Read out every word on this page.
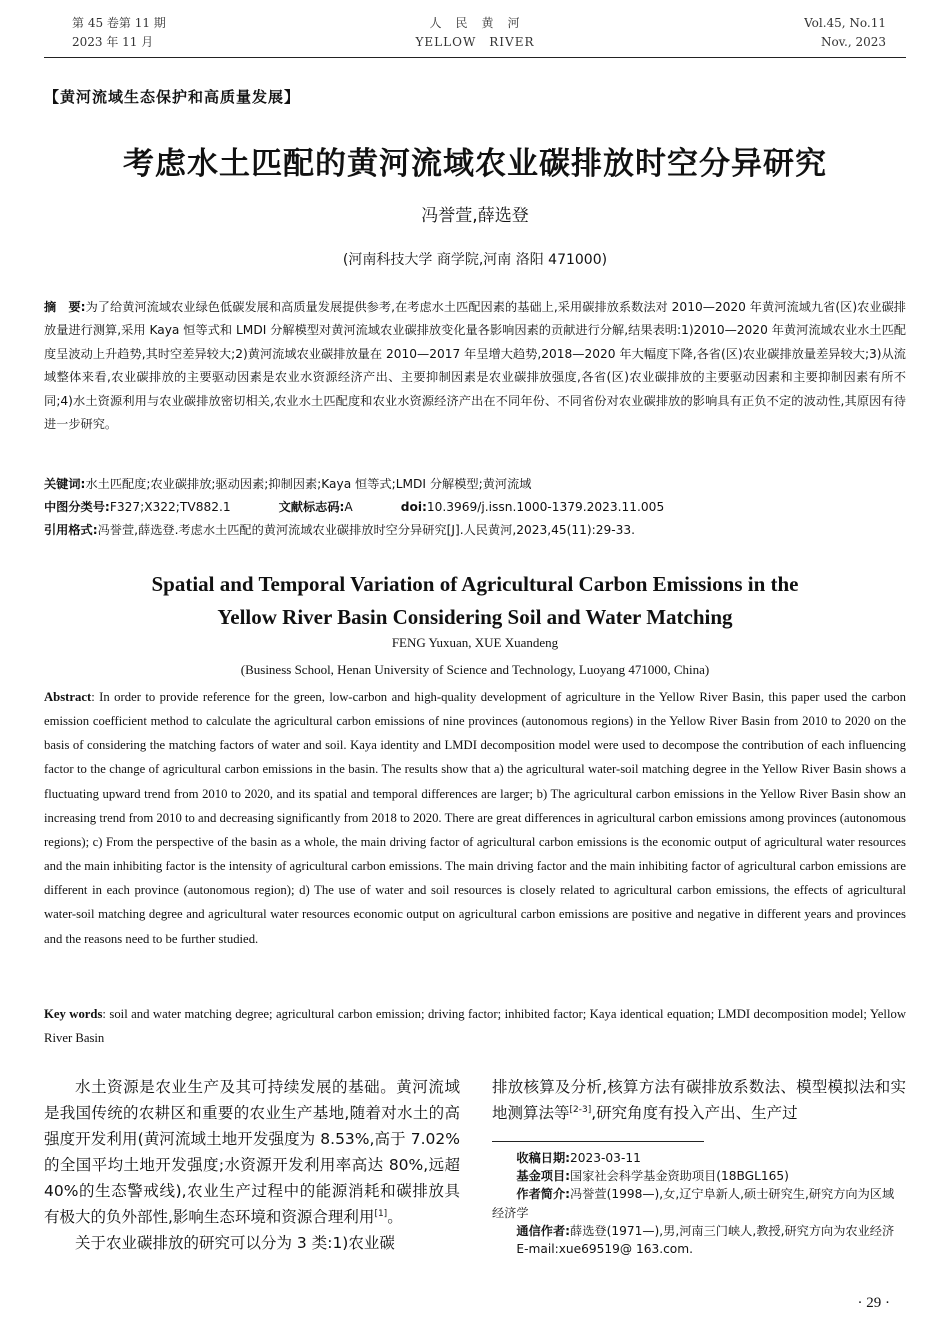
第 45 卷第 11 期
2023 年 11 月
人　民　黄　河
YELLOW　RIVER
Vol.45, No.11
Nov., 2023
【黄河流域生态保护和高质量发展】
考虑水土匹配的黄河流域农业碳排放时空分异研究
冯誉萱,薛选登
(河南科技大学 商学院,河南 洛阳 471000)
摘　要:为了给黄河流域农业绿色低碳发展和高质量发展提供参考,在考虑水土匹配因素的基础上,采用碳排放系数法对 2010—2020 年黄河流域九省(区)农业碳排放量进行测算,采用 Kaya 恒等式和 LMDI 分解模型对黄河流域农业碳排放变化量各影响因素的贡献进行分解,结果表明:1)2010—2020 年黄河流域农业水土匹配度呈波动上升趋势,其时空差异较大;2)黄河流域农业碳排放量在 2010—2017 年呈增大趋势,2018—2020 年大幅度下降,各省(区)农业碳排放量差异较大;3)从流域整体来看,农业碳排放的主要驱动因素是农业水资源经济产出、主要抑制因素是农业碳排放强度,各省(区)农业碳排放的主要驱动因素和主要抑制因素有所不同;4)水土资源利用与农业碳排放密切相关,农业水土匹配度和农业水资源经济产出在不同年份、不同省份对农业碳排放的影响具有正负不定的波动性,其原因有待进一步研究。
关键词:水土匹配度;农业碳排放;驱动因素;抑制因素;Kaya 恒等式;LMDI 分解模型;黄河流域
中图分类号:F327;X322;TV882.1	文献标志码:A	doi:10.3969/j.issn.1000-1379.2023.11.005
引用格式:冯誉萱,薛选登.考虑水土匹配的黄河流域农业碳排放时空分异研究[J].人民黄河,2023,45(11):29-33.
Spatial and Temporal Variation of Agricultural Carbon Emissions in the
Yellow River Basin Considering Soil and Water Matching
FENG Yuxuan, XUE Xuandeng
(Business School, Henan University of Science and Technology, Luoyang 471000, China)
Abstract: In order to provide reference for the green, low-carbon and high-quality development of agriculture in the Yellow River Basin, this paper used the carbon emission coefficient method to calculate the agricultural carbon emissions of nine provinces (autonomous regions) in the Yellow River Basin from 2010 to 2020 on the basis of considering the matching factors of water and soil. Kaya identity and LMDI decomposition model were used to decompose the contribution of each influencing factor to the change of agricultural carbon emissions in the basin. The results show that a) the agricultural water-soil matching degree in the Yellow River Basin shows a fluctuating upward trend from 2010 to 2020, and its spatial and temporal differences are larger; b) The agricultural carbon emissions in the Yellow River Basin show an increasing trend from 2010 to and decreasing significantly from 2018 to 2020. There are great differences in agricultural carbon emissions among provinces (autonomous regions); c) From the perspective of the basin as a whole, the main driving factor of agricultural carbon emissions is the economic output of agricultural water resources and the main inhibiting factor is the intensity of agricultural carbon emissions. The main driving factor and the main inhibiting factor of agricultural carbon emissions are different in each province (autonomous region); d) The use of water and soil resources is closely related to agricultural carbon emissions, the effects of agricultural water-soil matching degree and agricultural water resources economic output on agricultural carbon emissions are positive and negative in different years and provinces and the reasons need to be further studied.
Key words: soil and water matching degree; agricultural carbon emission; driving factor; inhibited factor; Kaya identical equation; LMDI decomposition model; Yellow River Basin

水土资源是农业生产及其可持续发展的基础。黄河流域是我国传统的农耕区和重要的农业生产基地,随着对水土的高强度开发利用(黄河流域土地开发强度为 8.53%,高于 7.02%的全国平均土地开发强度;水资源开发利用率高达 80%,远超 40%的生态警戒线),农业生产过程中的能源消耗和碳排放具有极大的负外部性,影响生态环境和资源合理利用[1]。

关于农业碳排放的研究可以分为 3 类:1)农业碳

排放核算及分析,核算方法有碳排放系数法、模型模拟法和实地测算法等[2-3],研究角度有投入产出、生产过

收稿日期:2023-03-11

基金项目:国家社会科学基金资助项目(18BGL165)

作者简介:冯誉萱(1998—),女,辽宁阜新人,硕士研究生,研究方向为区域经济学

通信作者:薛选登(1971—),男,河南三门峡人,教授,研究方向为农业经济

E-mail:xue69519@ 163.com.

· 29 ·
